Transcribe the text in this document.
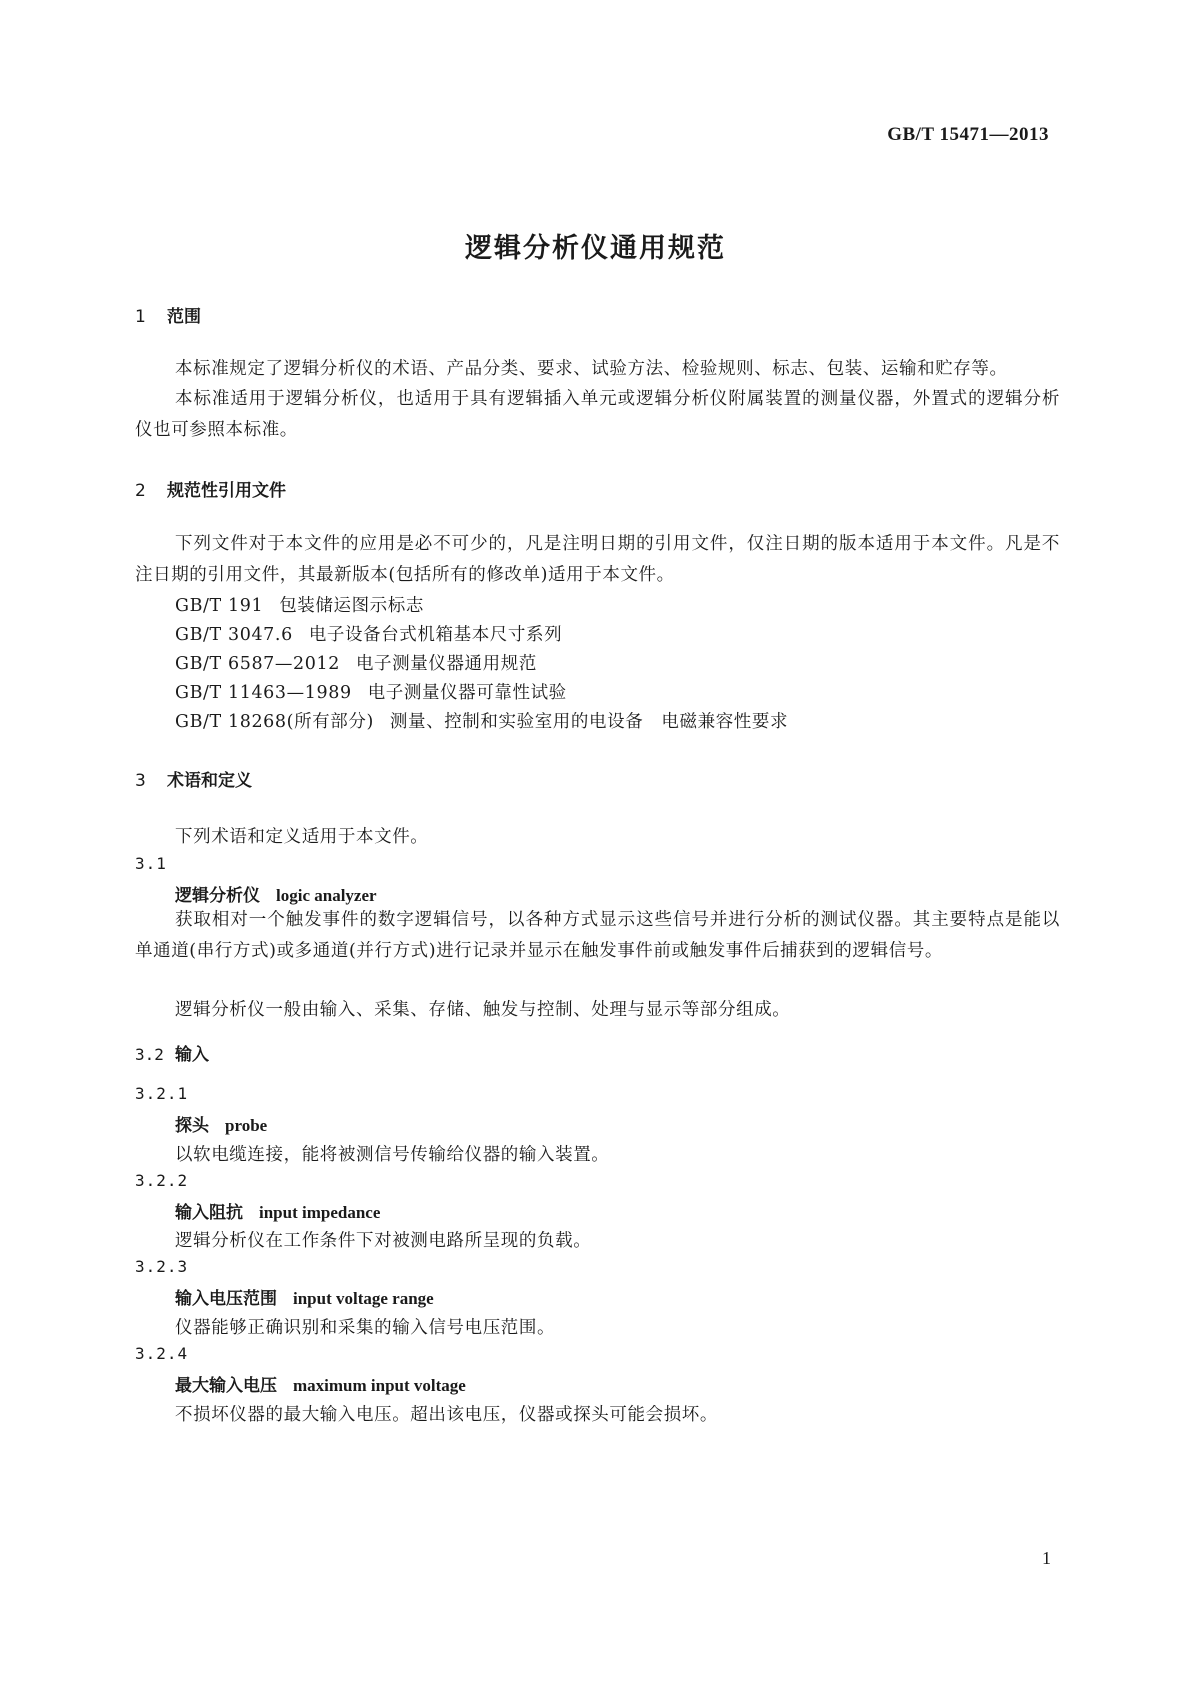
GB/T 15471—2013
逻辑分析仪通用规范
1 范围
本标准规定了逻辑分析仪的术语、产品分类、要求、试验方法、检验规则、标志、包装、运输和贮存等。
本标准适用于逻辑分析仪，也适用于具有逻辑插入单元或逻辑分析仪附属装置的测量仪器，外置式的逻辑分析仪也可参照本标准。
2 规范性引用文件
下列文件对于本文件的应用是必不可少的，凡是注明日期的引用文件，仅注日期的版本适用于本文件。凡是不注日期的引用文件，其最新版本(包括所有的修改单)适用于本文件。
GB/T 191 包装储运图示标志
GB/T 3047.6 电子设备台式机箱基本尺寸系列
GB/T 6587—2012 电子测量仪器通用规范
GB/T 11463—1989 电子测量仪器可靠性试验
GB/T 18268(所有部分) 测量、控制和实验室用的电设备　电磁兼容性要求
3 术语和定义
下列术语和定义适用于本文件。
3.1
逻辑分析仪 logic analyzer
获取相对一个触发事件的数字逻辑信号，以各种方式显示这些信号并进行分析的测试仪器。其主要特点是能以单通道(串行方式)或多通道(并行方式)进行记录并显示在触发事件前或触发事件后捕获到的逻辑信号。
逻辑分析仪一般由输入、采集、存储、触发与控制、处理与显示等部分组成。
3.2 输入
3.2.1
探头 probe
以软电缆连接，能将被测信号传输给仪器的输入装置。
3.2.2
输入阻抗 input impedance
逻辑分析仪在工作条件下对被测电路所呈现的负载。
3.2.3
输入电压范围 input voltage range
仪器能够正确识别和采集的输入信号电压范围。
3.2.4
最大输入电压 maximum input voltage
不损坏仪器的最大输入电压。超出该电压，仪器或探头可能会损坏。
1
